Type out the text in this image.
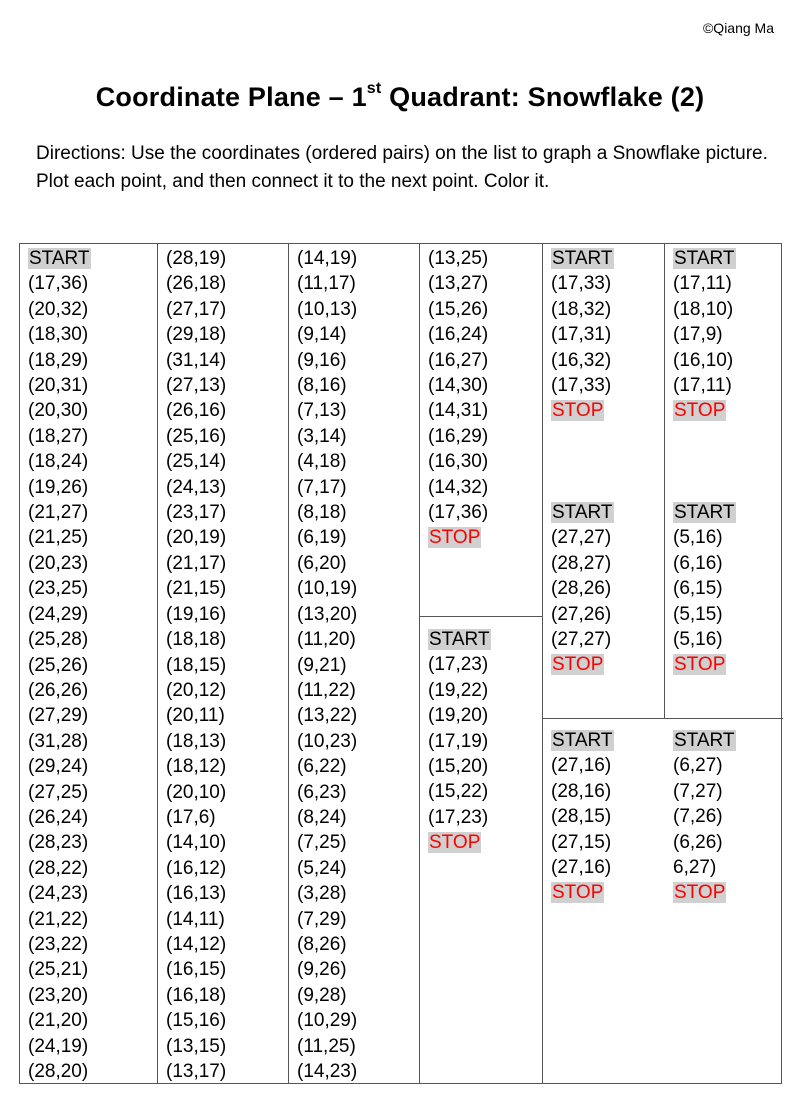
©Qiang Ma
Coordinate Plane – 1st Quadrant: Snowflake (2)
Directions: Use the coordinates (ordered pairs) on the list to graph a Snowflake picture. Plot each point, and then connect it to the next point. Color it.
START
(17,36)
(20,32)
(18,30)
(18,29)
(20,31)
(20,30)
(18,27)
(18,24)
(19,26)
(21,27)
(21,25)
(20,23)
(23,25)
(24,29)
(25,28)
(25,26)
(26,26)
(27,29)
(31,28)
(29,24)
(27,25)
(26,24)
(28,23)
(28,22)
(24,23)
(21,22)
(23,22)
(25,21)
(23,20)
(21,20)
(24,19)
(28,20)
(28,19)
(26,18)
(27,17)
(29,18)
(31,14)
(27,13)
(26,16)
(25,16)
(25,14)
(24,13)
(23,17)
(20,19)
(21,17)
(21,15)
(19,16)
(18,18)
(18,15)
(20,12)
(20,11)
(18,13)
(18,12)
(20,10)
(17,6)
(14,10)
(16,12)
(16,13)
(14,11)
(14,12)
(16,15)
(16,18)
(15,16)
(13,15)
(13,17)
(14,19)
(11,17)
(10,13)
(9,14)
(9,16)
(8,16)
(7,13)
(3,14)
(4,18)
(7,17)
(8,18)
(6,19)
(6,20)
(10,19)
(13,20)
(11,20)
(9,21)
(11,22)
(13,22)
(10,23)
(6,22)
(6,23)
(8,24)
(7,25)
(5,24)
(3,28)
(7,29)
(8,26)
(9,26)
(9,28)
(10,29)
(11,25)
(14,23)
(13,25)
(13,27)
(15,26)
(16,24)
(16,27)
(14,30)
(14,31)
(16,29)
(16,30)
(14,32)
(17,36)
STOP
START
(17,23)
(19,22)
(19,20)
(17,19)
(15,20)
(15,22)
(17,23)
STOP
START
(17,33)
(18,32)
(17,31)
(16,32)
(17,33)
STOP
START
(27,27)
(28,27)
(28,26)
(27,26)
(27,27)
STOP
START
(27,16)
(28,16)
(28,15)
(27,15)
(27,16)
STOP
START
(17,11)
(18,10)
(17,9)
(16,10)
(17,11)
STOP
START
(5,16)
(6,16)
(6,15)
(5,15)
(5,16)
STOP
START
(6,27)
(7,27)
(7,26)
(6,26)
6,27)
STOP
